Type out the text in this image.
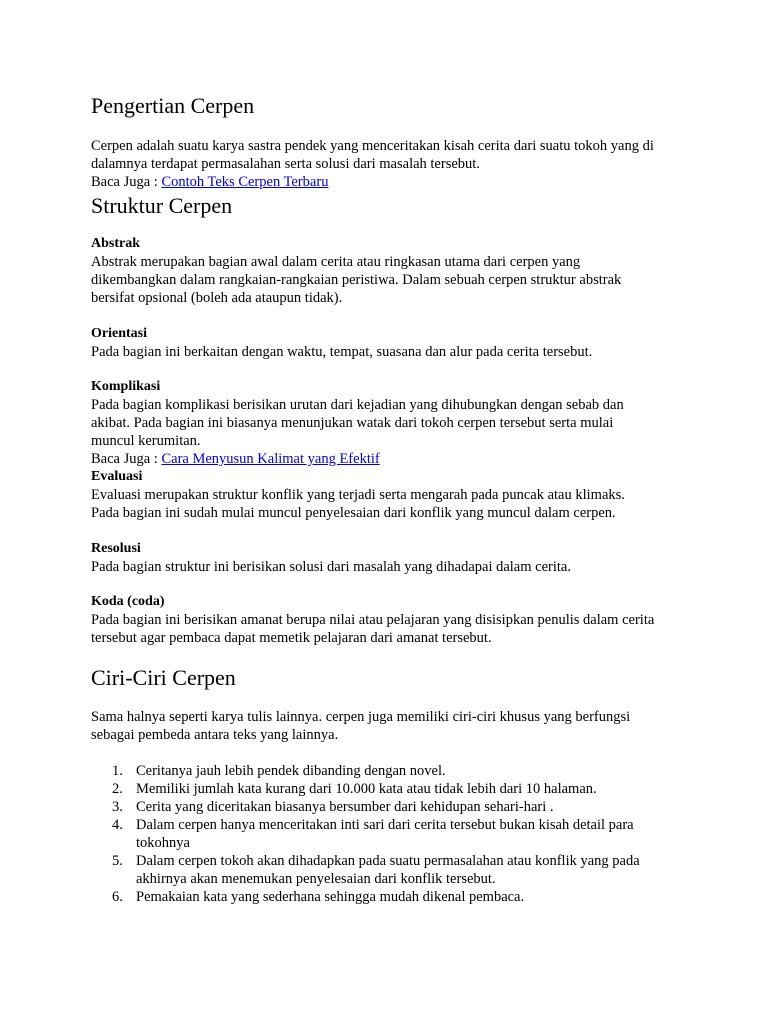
Pengertian Cerpen

Cerpen adalah suatu karya sastra pendek yang menceritakan kisah cerita dari suatu tokoh yang di dalamnya terdapat permasalahan serta solusi dari masalah tersebut.

Baca Juga : Contoh Teks Cerpen Terbaru

Struktur Cerpen
Abstrak

Abstrak merupakan bagian awal dalam cerita atau ringkasan utama dari cerpen yang dikembangkan dalam rangkaian-rangkaian peristiwa. Dalam sebuah cerpen struktur abstrak bersifat opsional (boleh ada ataupun tidak).

Orientasi

Pada bagian ini berkaitan dengan waktu, tempat, suasana dan alur pada cerita tersebut.

Komplikasi

Pada bagian komplikasi berisikan urutan dari kejadian yang dihubungkan dengan sebab dan akibat. Pada bagian ini biasanya menunjukan watak dari tokoh cerpen tersebut serta mulai muncul kerumitan.

Baca Juga : Cara Menyusun Kalimat yang Efektif

Evaluasi

Evaluasi merupakan struktur konflik yang terjadi serta mengarah pada puncak atau klimaks. Pada bagian ini sudah mulai muncul penyelesaian dari konflik yang muncul dalam cerpen.

Resolusi

Pada bagian struktur ini berisikan solusi dari masalah yang dihadapai dalam cerita.

Koda (coda)

Pada bagian ini berisikan amanat berupa nilai atau pelajaran yang disisipkan penulis dalam cerita tersebut agar pembaca dapat memetik pelajaran dari amanat tersebut.

Ciri-Ciri Cerpen

Sama halnya seperti karya tulis lainnya. cerpen juga memiliki ciri-ciri khusus yang berfungsi sebagai pembeda antara teks yang lainnya.

1. Ceritanya jauh lebih pendek dibanding dengan novel.
2. Memiliki jumlah kata kurang dari 10.000 kata atau tidak lebih dari 10 halaman.
3. Cerita yang diceritakan biasanya bersumber dari kehidupan sehari-hari .
4. Dalam cerpen hanya menceritakan inti sari dari cerita tersebut bukan kisah detail para tokohnya
5. Dalam cerpen tokoh akan dihadapkan pada suatu permasalahan atau konflik yang pada akhirnya akan menemukan penyelesaian dari konflik tersebut.
6. Pemakaian kata yang sederhana sehingga mudah dikenal pembaca.
